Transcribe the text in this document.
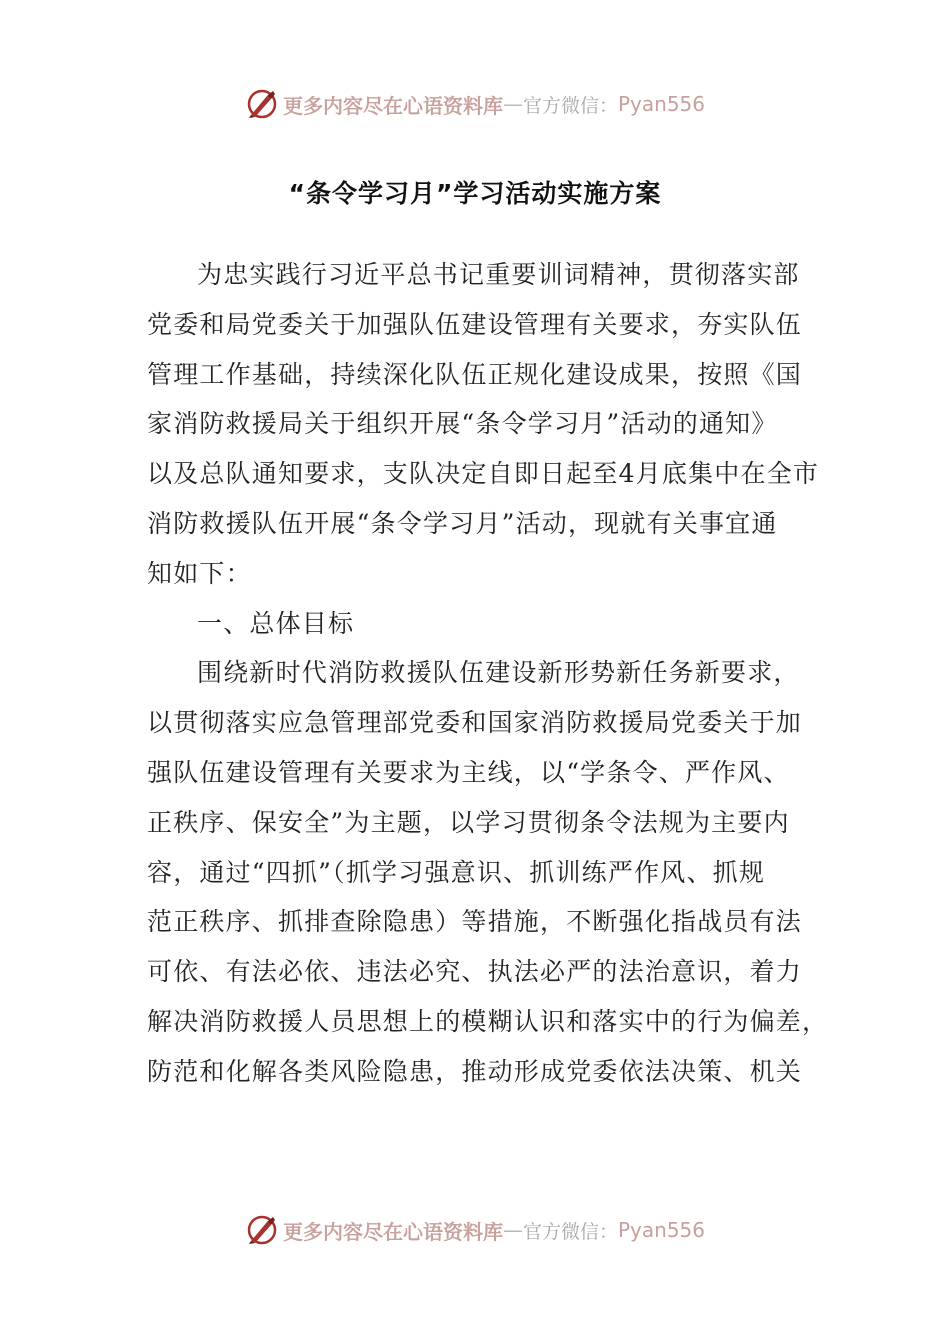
更多内容尽在心语资料库 — 官方微信： Pyan556
“条令学习月”学习活动实施方案
为忠实践行习近平总书记重要训词精神，贯彻落实部
党委和局党委关于加强队伍建设管理有关要求，夯实队伍
管理工作基础，持续深化队伍正规化建设成果，按照《国
家消防救援局关于组织开展“条令学习月”活动的通知》
以及总队通知要求，支队决定自即日起至4月底集中在全市
消防救援队伍开展“条令学习月”活动，现就有关事宜通
知如下：
一、总体目标
围绕新时代消防救援队伍建设新形势新任务新要求，
以贯彻落实应急管理部党委和国家消防救援局党委关于加
强队伍建设管理有关要求为主线，以“学条令、严作风、
正秩序、保安全”为主题，以学习贯彻条令法规为主要内
容，通过“四抓”（抓学习强意识、抓训练严作风、抓规
范正秩序、抓排查除隐患）等措施，不断强化指战员有法
可依、有法必依、违法必究、执法必严的法治意识，着力
解决消防救援人员思想上的模糊认识和落实中的行为偏差，
防范和化解各类风险隐患，推动形成党委依法决策、机关
更多内容尽在心语资料库 — 官方微信： Pyan556
